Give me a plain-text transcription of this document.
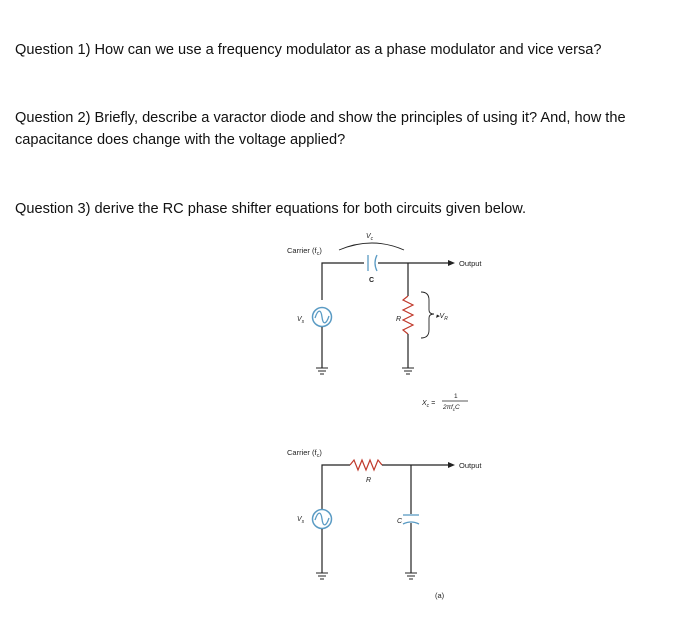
Question 1) How can we use a frequency modulator as a phase modulator and vice versa?

Question 2) Briefly, describe a varactor diode and show the principles of using it? And, how the capacitance does change with the voltage applied?

Question 3) derive the RC phase shifter equations for both circuits given below.

Carrier $(f_c)$
$V_c$
C
Output
$V_s$	R	$▸V_R$
$X_c$ =
1
$2\pi f_cC$
Carrier $(f_c)$
R
Output
$V_s$	C
(a)
